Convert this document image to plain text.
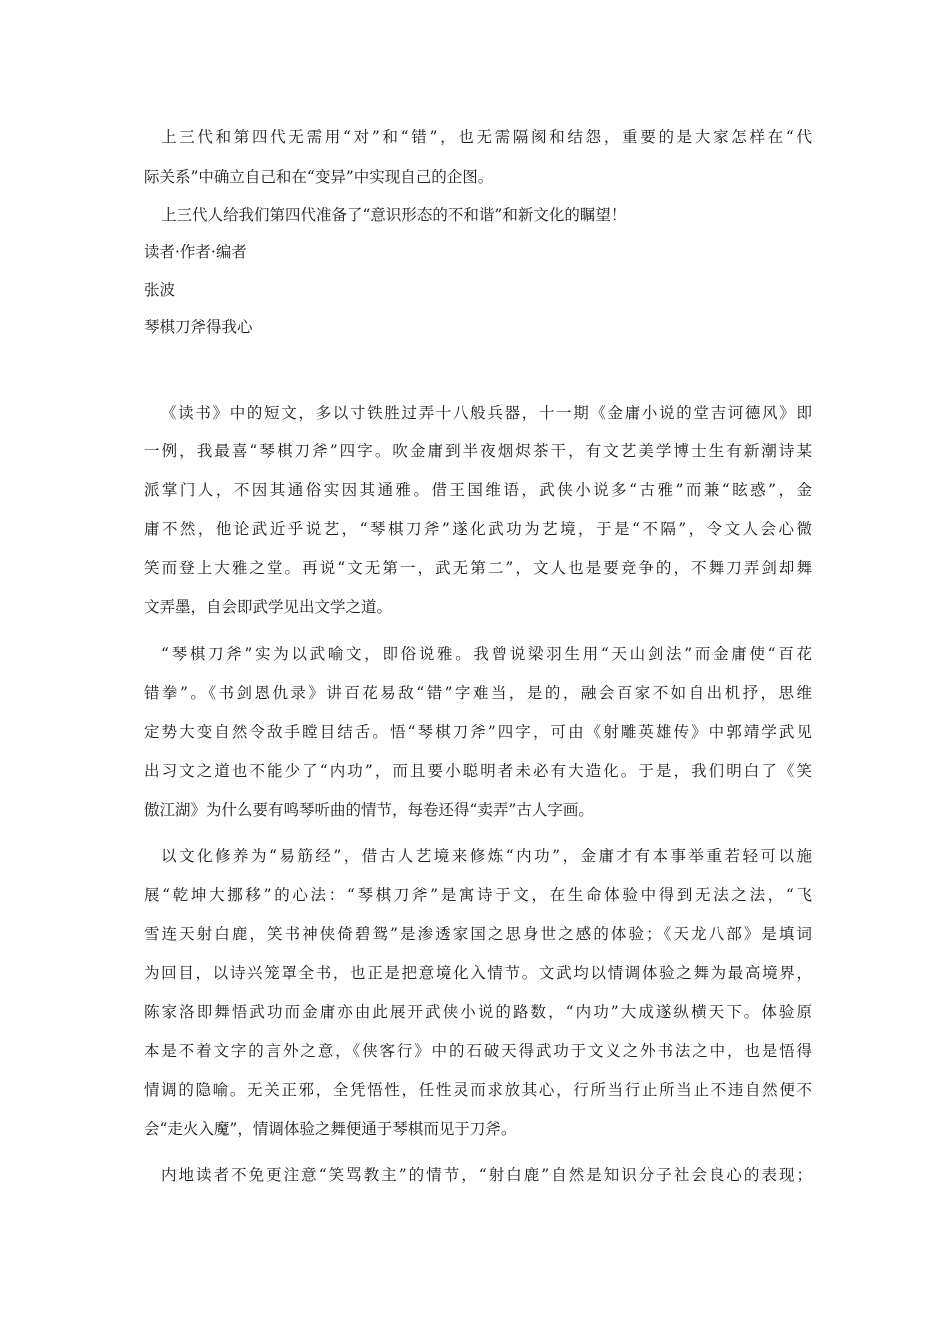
上三代和第四代无需用“对”和“错”，也无需隔阂和结怨，重要的是大家怎样在“代
际关系”中确立自己和在“变异”中实现自己的企图。
上三代人给我们第四代准备了“意识形态的不和谐”和新文化的瞩望！
读者·作者·编者
张波
琴棋刀斧得我心
《读书》中的短文，多以寸铁胜过弄十八般兵器，十一期《金庸小说的堂吉诃德风》即
一例，我最喜“琴棋刀斧”四字。吹金庸到半夜烟烬茶干，有文艺美学博士生有新潮诗某
派掌门人，不因其通俗实因其通雅。借王国维语，武侠小说多“古雅”而兼“眩惑”，金
庸不然，他论武近乎说艺，“琴棋刀斧”遂化武功为艺境，于是“不隔”，令文人会心微
笑而登上大雅之堂。再说“文无第一，武无第二”，文人也是要竞争的，不舞刀弄剑却舞
文弄墨，自会即武学见出文学之道。
“琴棋刀斧”实为以武喻文，即俗说雅。我曾说梁羽生用“天山剑法”而金庸使“百花
错拳”。《书剑恩仇录》讲百花易敌“错”字难当，是的，融会百家不如自出机抒，思维
定势大变自然令敌手瞠目结舌。悟“琴棋刀斧”四字，可由《射雕英雄传》中郭靖学武见
出习文之道也不能少了“内功”，而且要小聪明者未必有大造化。于是，我们明白了《笑
傲江湖》为什么要有鸣琴听曲的情节，每卷还得“卖弄”古人字画。
以文化修养为“易筋经”，借古人艺境来修炼“内功”，金庸才有本事举重若轻可以施
展“乾坤大挪移”的心法：“琴棋刀斧”是寓诗于文，在生命体验中得到无法之法，“飞
雪连天射白鹿，笑书神侠倚碧鸳”是渗透家国之思身世之感的体验；《天龙八部》是填词
为回目，以诗兴笼罩全书，也正是把意境化入情节。文武均以情调体验之舞为最高境界，
陈家洛即舞悟武功而金庸亦由此展开武侠小说的路数，“内功”大成遂纵横天下。体验原
本是不着文字的言外之意，《侠客行》中的石破天得武功于文义之外书法之中，也是悟得
情调的隐喻。无关正邪，全凭悟性，任性灵而求放其心，行所当行止所当止不违自然便不
会“走火入魔”，情调体验之舞便通于琴棋而见于刀斧。
内地读者不免更注意“笑骂教主”的情节，“射白鹿”自然是知识分子社会良心的表现；
